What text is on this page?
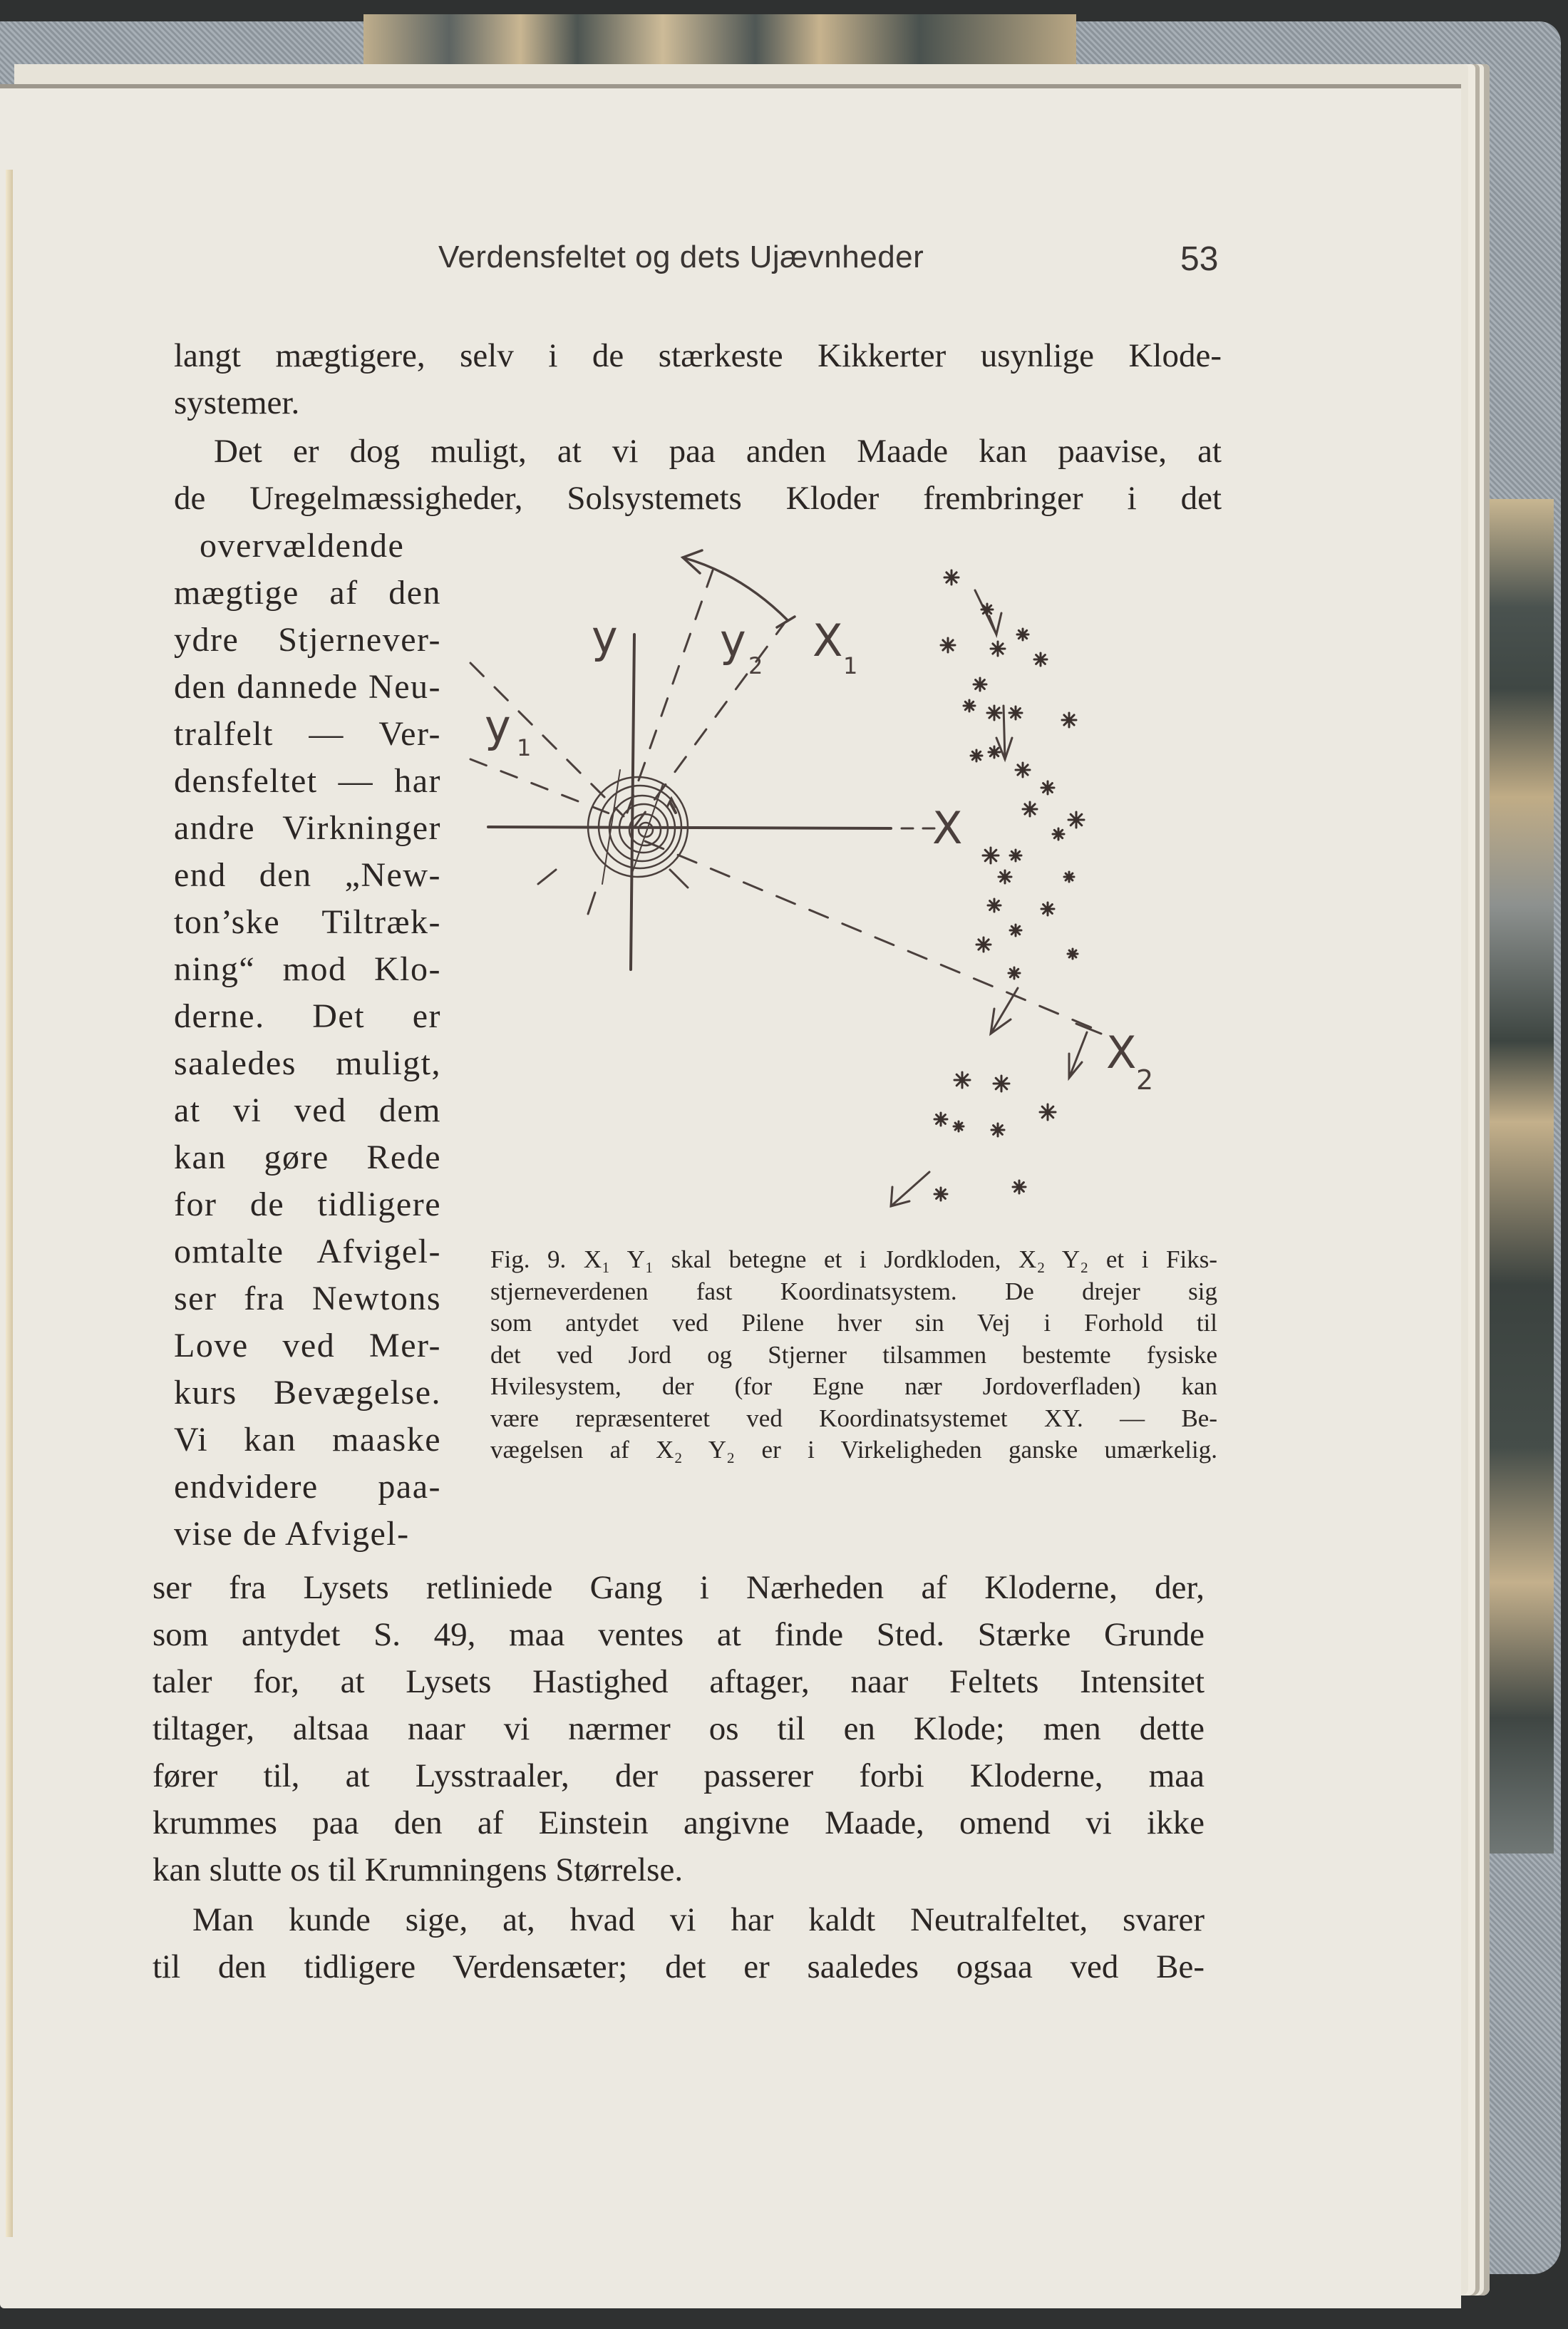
Verdensfeltet og dets Ujævnheder	53
langt mægtigere, selv i de stærkeste Kikkerter usynlige Klode-
systemer.
Det er dog muligt, at vi paa anden Maade kan paavise, at
de Uregelmæssigheder, Solsystemets Kloder frembringer i det
overvældende
mægtige af den
ydre Stjernever-
den dannede Neu-
tralfelt — Ver-
densfeltet — har
andre Virkninger
end den „New-
ton’ske Tiltræk-
ning“ mod Klo-
derne. Det er
saaledes muligt,
at vi ved dem
kan gøre Rede
for de tidligere
omtalte Afvigel-
ser fra Newtons
Love ved Mer-
kurs Bevægelse.
Vi kan maaske
endvidere paa-
vise de Afvigel-
y
y 1
y 2 X 1
X
X
2
Fig. 9. X₁ Y₁ skal betegne et i Jordkloden, X₂ Y₂ et i Fiks-
stjerneverdenen fast Koordinatsystem. De drejer sig
som antydet ved Pilene hver sin Vej i Forhold til
det ved Jord og Stjerner tilsammen bestemte fysiske
Hvilesystem, der (for Egne nær Jordoverfladen) kan
være repræsenteret ved Koordinatsystemet XY. — Be-
vægelsen af X₂ Y₂ er i Virkeligheden ganske umærkelig.
ser fra Lysets retliniede Gang i Nærheden af Kloderne, der,
som antydet S. 49, maa ventes at finde Sted. Stærke Grunde
taler for, at Lysets Hastighed aftager, naar Feltets Intensitet
tiltager, altsaa naar vi nærmer os til en Klode; men dette
fører til, at Lysstraaler, der passerer forbi Kloderne, maa
krummes paa den af Einstein angivne Maade, omend vi ikke
kan slutte os til Krumningens Størrelse.
Man kunde sige, at, hvad vi har kaldt Neutralfeltet, svarer
til den tidligere Verdensæter; det er saaledes ogsaa ved Be-
